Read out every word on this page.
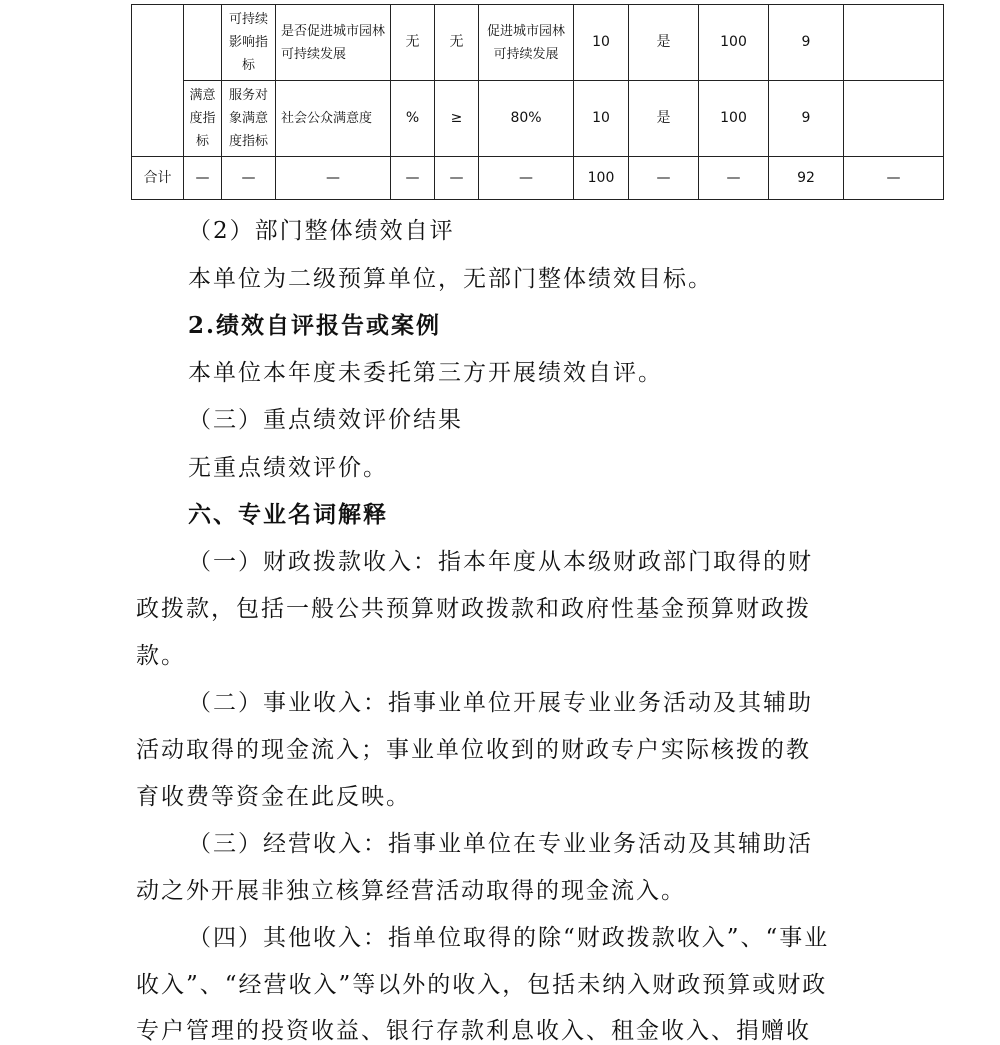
		可持续影响指标	是否促进城市园林可持续发展	无	无	促进城市园林可持续发展	10	是	100	9	
	满意度指标	服务对象满意度指标	社会公众满意度	%	≥	80%	10	是	100	9	
合计	—	—	—	—	—	—	100	—	—	92	—
（2）部门整体绩效自评
本单位为二级预算单位，无部门整体绩效目标。
2.绩效自评报告或案例
本单位本年度未委托第三方开展绩效自评。
（三）重点绩效评价结果
无重点绩效评价。
六、专业名词解释
（一）财政拨款收入：指本年度从本级财政部门取得的财
政拨款，包括一般公共预算财政拨款和政府性基金预算财政拨
款。
（二）事业收入：指事业单位开展专业业务活动及其辅助
活动取得的现金流入；事业单位收到的财政专户实际核拨的教
育收费等资金在此反映。
（三）经营收入：指事业单位在专业业务活动及其辅助活
动之外开展非独立核算经营活动取得的现金流入。
（四）其他收入：指单位取得的除“财政拨款收入”、“事业
收入”、“经营收入”等以外的收入，包括未纳入财政预算或财政
专户管理的投资收益、银行存款利息收入、租金收入、捐赠收
